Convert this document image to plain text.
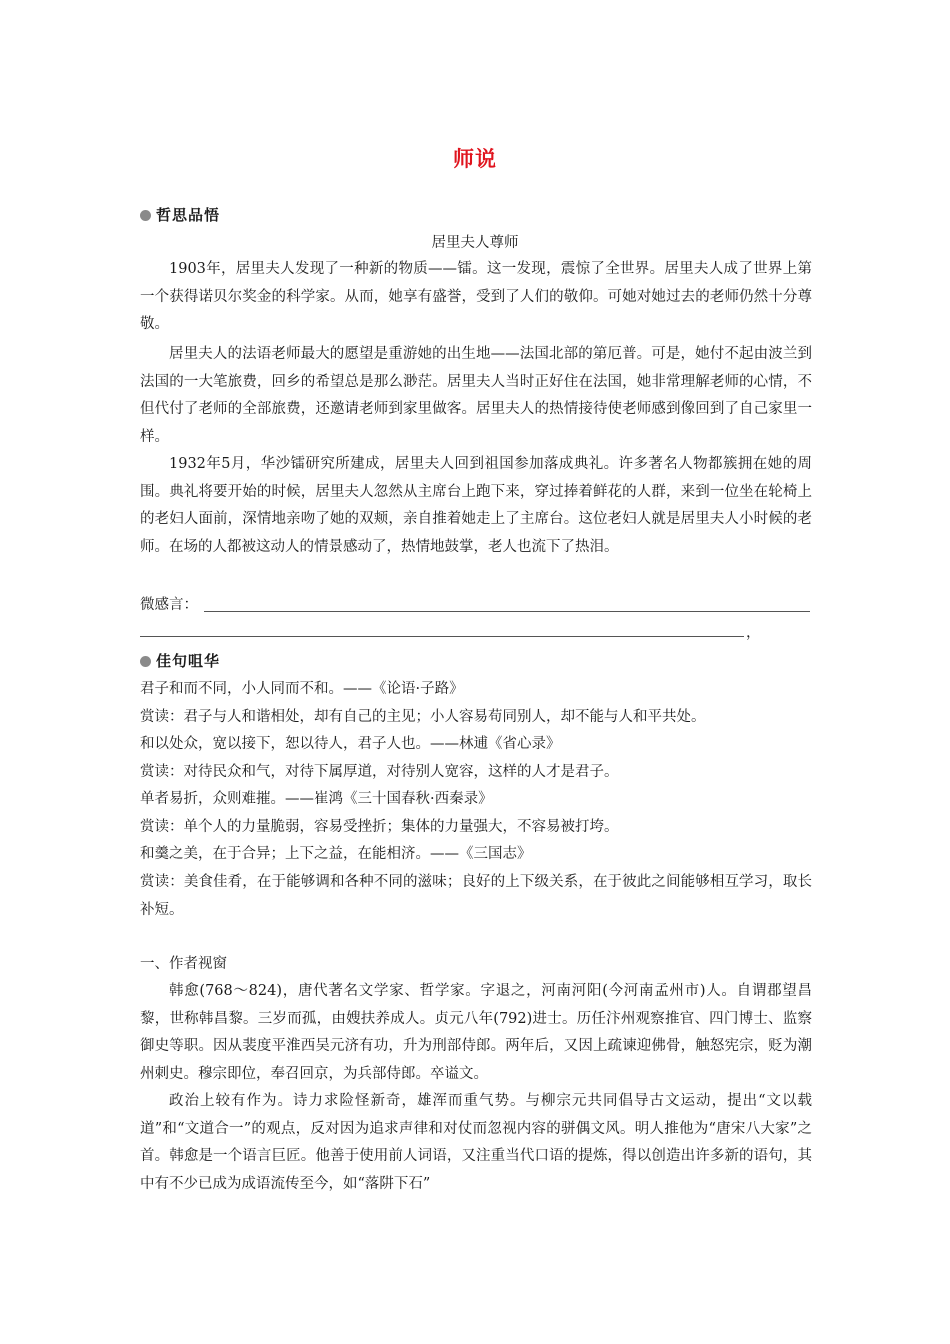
师说
哲思品悟
居里夫人尊师

1903年，居里夫人发现了一种新的物质——镭。这一发现，震惊了全世界。居里夫人成了世界上第一个获得诺贝尔奖金的科学家。从而，她享有盛誉，受到了人们的敬仰。可她对她过去的老师仍然十分尊敬。

居里夫人的法语老师最大的愿望是重游她的出生地——法国北部的第厄普。可是，她付不起由波兰到法国的一大笔旅费，回乡的希望总是那么渺茫。居里夫人当时正好住在法国，她非常理解老师的心情，不但代付了老师的全部旅费，还邀请老师到家里做客。居里夫人的热情接待使老师感到像回到了自己家里一样。

1932年5月，华沙镭研究所建成，居里夫人回到祖国参加落成典礼。许多著名人物都簇拥在她的周围。典礼将要开始的时候，居里夫人忽然从主席台上跑下来，穿过捧着鲜花的人群，来到一位坐在轮椅上的老妇人面前，深情地亲吻了她的双颊，亲自推着她走上了主席台。这位老妇人就是居里夫人小时候的老师。在场的人都被这动人的情景感动了，热情地鼓掌，老人也流下了热泪。

微感言：
，
佳句咀华
君子和而不同，小人同而不和。——《论语·子路》
赏读：君子与人和谐相处，却有自己的主见；小人容易苟同别人，却不能与人和平共处。
和以处众，宽以接下，恕以待人，君子人也。——林逋《省心录》
赏读：对待民众和气，对待下属厚道，对待别人宽容，这样的人才是君子。
单者易折，众则难摧。——崔鸿《三十国春秋·西秦录》
赏读：单个人的力量脆弱，容易受挫折；集体的力量强大，不容易被打垮。
和羹之美，在于合异；上下之益，在能相济。——《三国志》

赏读：美食佳肴，在于能够调和各种不同的滋味；良好的上下级关系，在于彼此之间能够相互学习，取长补短。

一、作者视窗

韩愈(768～824)，唐代著名文学家、哲学家。字退之，河南河阳(今河南孟州市)人。自谓郡望昌黎，世称韩昌黎。三岁而孤，由嫂扶养成人。贞元八年(792)进士。历任汴州观察推官、四门博士、监察御史等职。因从裴度平淮西吴元济有功，升为刑部侍郎。两年后，又因上疏谏迎佛骨，触怒宪宗，贬为潮州刺史。穆宗即位，奉召回京，为兵部侍郎。卒谥文。

政治上较有作为。诗力求险怪新奇，雄浑而重气势。与柳宗元共同倡导古文运动，提出“文以载道”和“文道合一”的观点，反对因为追求声律和对仗而忽视内容的骈偶文风。明人推他为“唐宋八大家”之首。韩愈是一个语言巨匠。他善于使用前人词语，又注重当代口语的提炼，得以创造出许多新的语句，其中有不少已成为成语流传至今，如“落阱下石”
